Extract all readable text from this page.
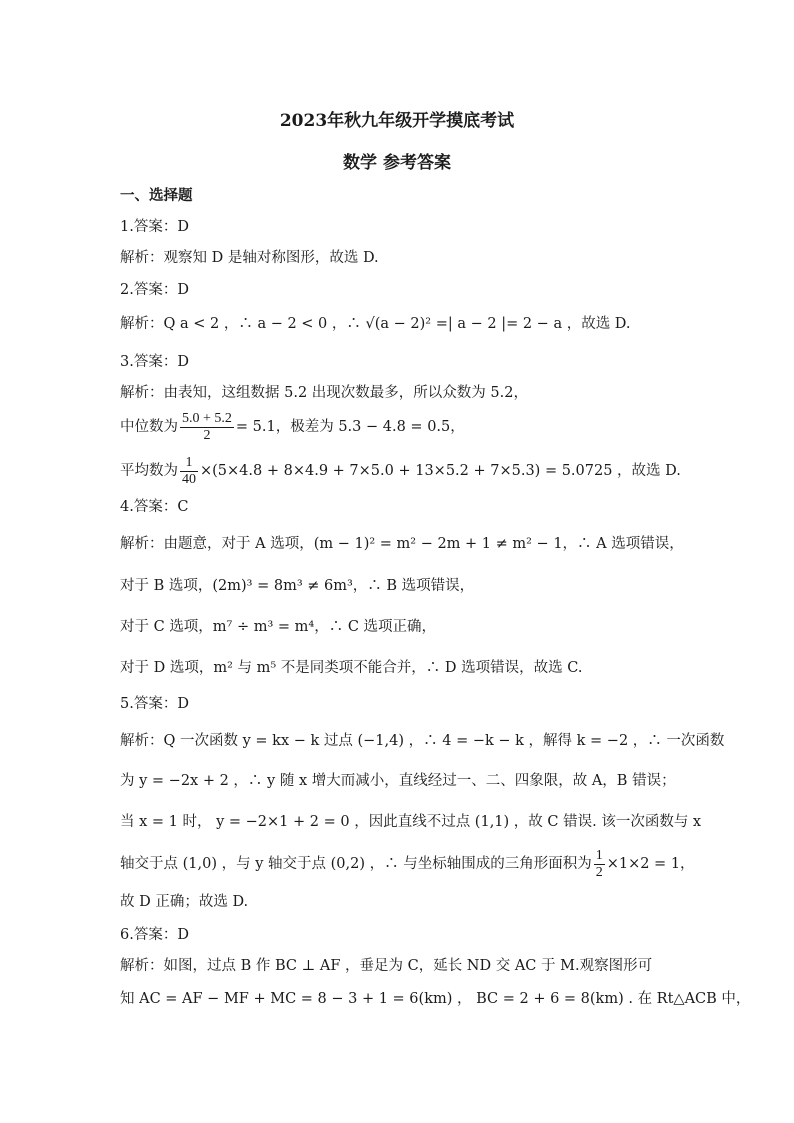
2023年秋九年级开学摸底考试
数学 参考答案
一、选择题
1.答案：D
解析：观察知 D 是轴对称图形，故选 D.
2.答案：D
解析：Q a < 2 ，∴ a − 2 < 0 ，∴ √(a − 2)² =| a − 2 |= 2 − a ，故选 D.
3.答案：D
解析：由表知，这组数据 5.2 出现次数最多，所以众数为 5.2，
中位数为 $\frac{5.0 + 5.2}{2} = 5.1$，极差为 5.3 − 4.8 = 0.5，
平均数为 $\frac{1}{40} \times(5\times 4.8 + 8\times 4.9 + 7\times 5.0 + 13\times 5.2 + 7\times 5.3) = 5.0725$ ，故选 D.
4.答案：C
解析：由题意，对于 A 选项，(m − 1)² = m² − 2m + 1 ≠ m² − 1，∴ A 选项错误，
对于 B 选项，(2m)³ = 8m³ ≠ 6m³，∴ B 选项错误，
对于 C 选项，m⁷ ÷ m³ = m⁴，∴ C 选项正确，
对于 D 选项，m² 与 m⁵ 不是同类项不能合并，∴ D 选项错误，故选 C.
5.答案：D
解析：Q 一次函数 y = kx − k 过点 (−1,4) ，∴ 4 = −k − k ，解得 k = −2 ，∴ 一次函数
为 y = −2x + 2 ，∴ y 随 x 增大而减小，直线经过一、二、四象限，故 A，B 错误；
当 x = 1 时， y = −2×1 + 2 = 0 ，因此直线不过点 (1,1) ，故 C 错误. 该一次函数与 x
轴交于点 (1,0) ，与 y 轴交于点 (0,2) ，∴ 与坐标轴围成的三角形面积为 $\frac{1}{2} \times 1\times 2 = 1$，
故 D 正确；故选 D.
6.答案：D
解析：如图，过点 B 作 BC ⊥ AF ，垂足为 C，延长 ND 交 AC 于 M.观察图形可
知 AC = AF − MF + MC = 8 − 3 + 1 = 6(km) ， BC = 2 + 6 = 8(km) . 在 Rt△ACB 中，
